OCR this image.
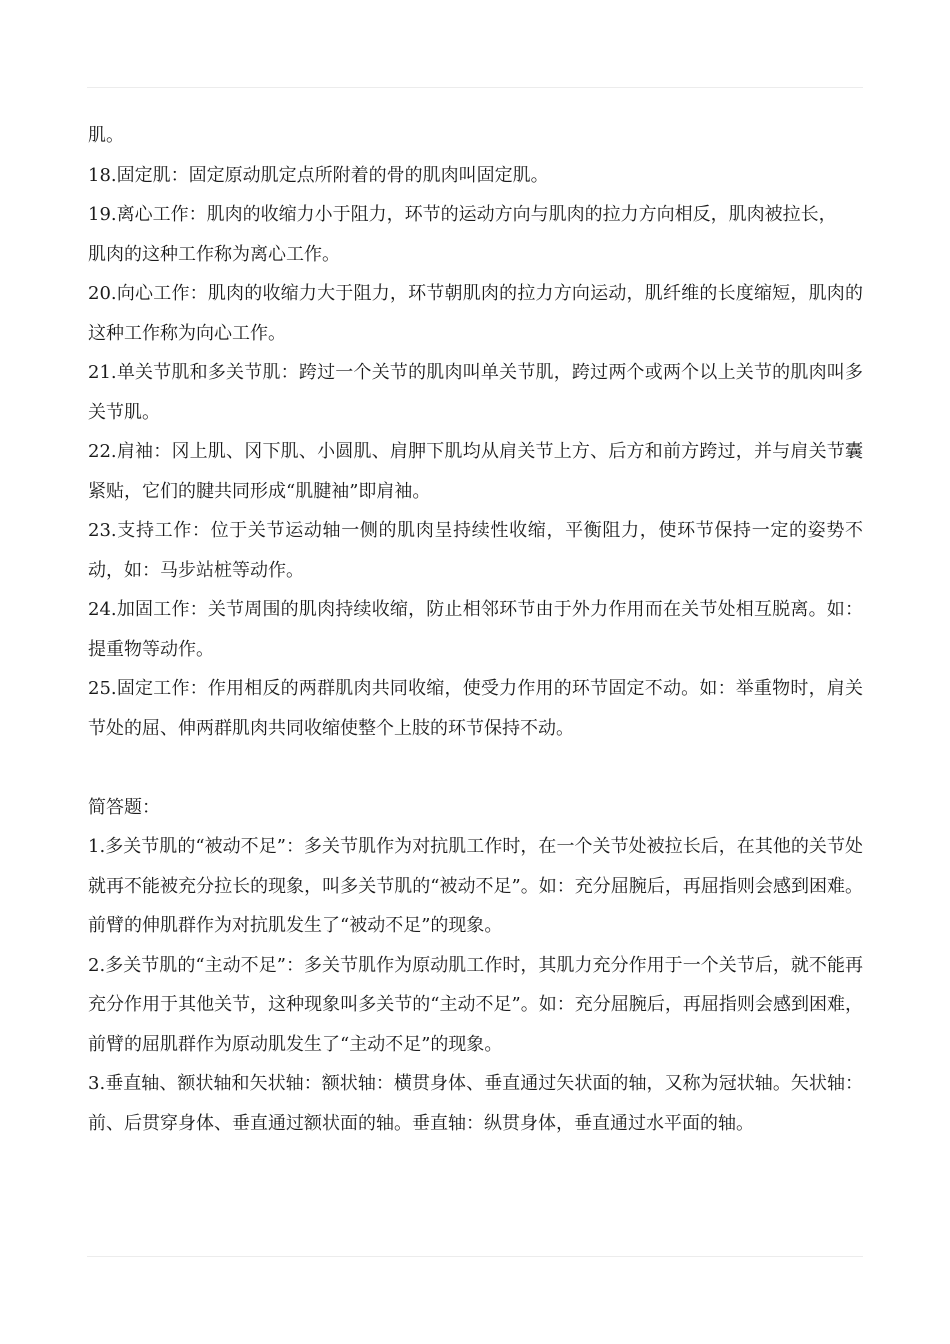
肌。

18.固定肌：固定原动肌定点所附着的骨的肌肉叫固定肌。

19.离心工作：肌肉的收缩力小于阻力，环节的运动方向与肌肉的拉力方向相反，肌肉被拉长，

肌肉的这种工作称为离心工作。

20.向心工作：肌肉的收缩力大于阻力，环节朝肌肉的拉力方向运动，肌纤维的长度缩短，肌肉的这种工作称为向心工作。

21.单关节肌和多关节肌：跨过一个关节的肌肉叫单关节肌，跨过两个或两个以上关节的肌肉叫多关节肌。

22.肩袖：冈上肌、冈下肌、小圆肌、肩胛下肌均从肩关节上方、后方和前方跨过，并与肩关节囊紧贴，它们的腱共同形成“肌腱袖”即肩袖。

23.支持工作：位于关节运动轴一侧的肌肉呈持续性收缩，平衡阻力，使环节保持一定的姿势不动，如：马步站桩等动作。

24.加固工作：关节周围的肌肉持续收缩，防止相邻环节由于外力作用而在关节处相互脱离。如：提重物等动作。

25.固定工作：作用相反的两群肌肉共同收缩，使受力作用的环节固定不动。如：举重物时，肩关节处的屈、伸两群肌肉共同收缩使整个上肢的环节保持不动。

简答题：

1.多关节肌的“被动不足”：多关节肌作为对抗肌工作时，在一个关节处被拉长后，在其他的关节处就再不能被充分拉长的现象，叫多关节肌的“被动不足”。如：充分屈腕后，再屈指则会感到困难。前臂的伸肌群作为对抗肌发生了“被动不足”的现象。

2.多关节肌的“主动不足”：多关节肌作为原动肌工作时，其肌力充分作用于一个关节后，就不能再充分作用于其他关节，这种现象叫多关节的“主动不足”。如：充分屈腕后，再屈指则会感到困难，前臂的屈肌群作为原动肌发生了“主动不足”的现象。

3.垂直轴、额状轴和矢状轴：额状轴：横贯身体、垂直通过矢状面的轴，又称为冠状轴。矢状轴：前、后贯穿身体、垂直通过额状面的轴。垂直轴：纵贯身体，垂直通过水平面的轴。
